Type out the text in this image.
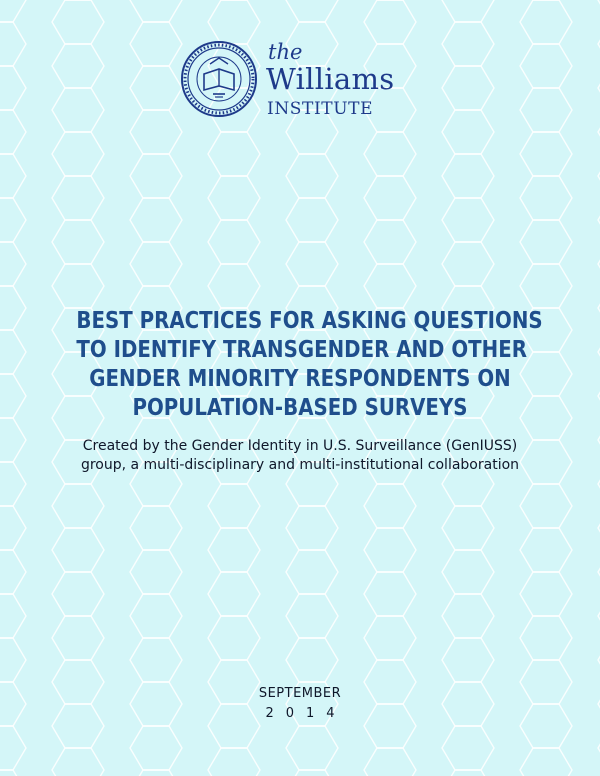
the
Williams
INSTITUTE
BEST PRACTICES FOR ASKING QUESTIONS
TO IDENTIFY TRANSGENDER AND OTHER
GENDER MINORITY RESPONDENTS ON
POPULATION-BASED SURVEYS
Created by the Gender Identity in U.S. Surveillance (GenIUSS)
group, a multi-disciplinary and multi-institutional collaboration
SEPTEMBER
2014
